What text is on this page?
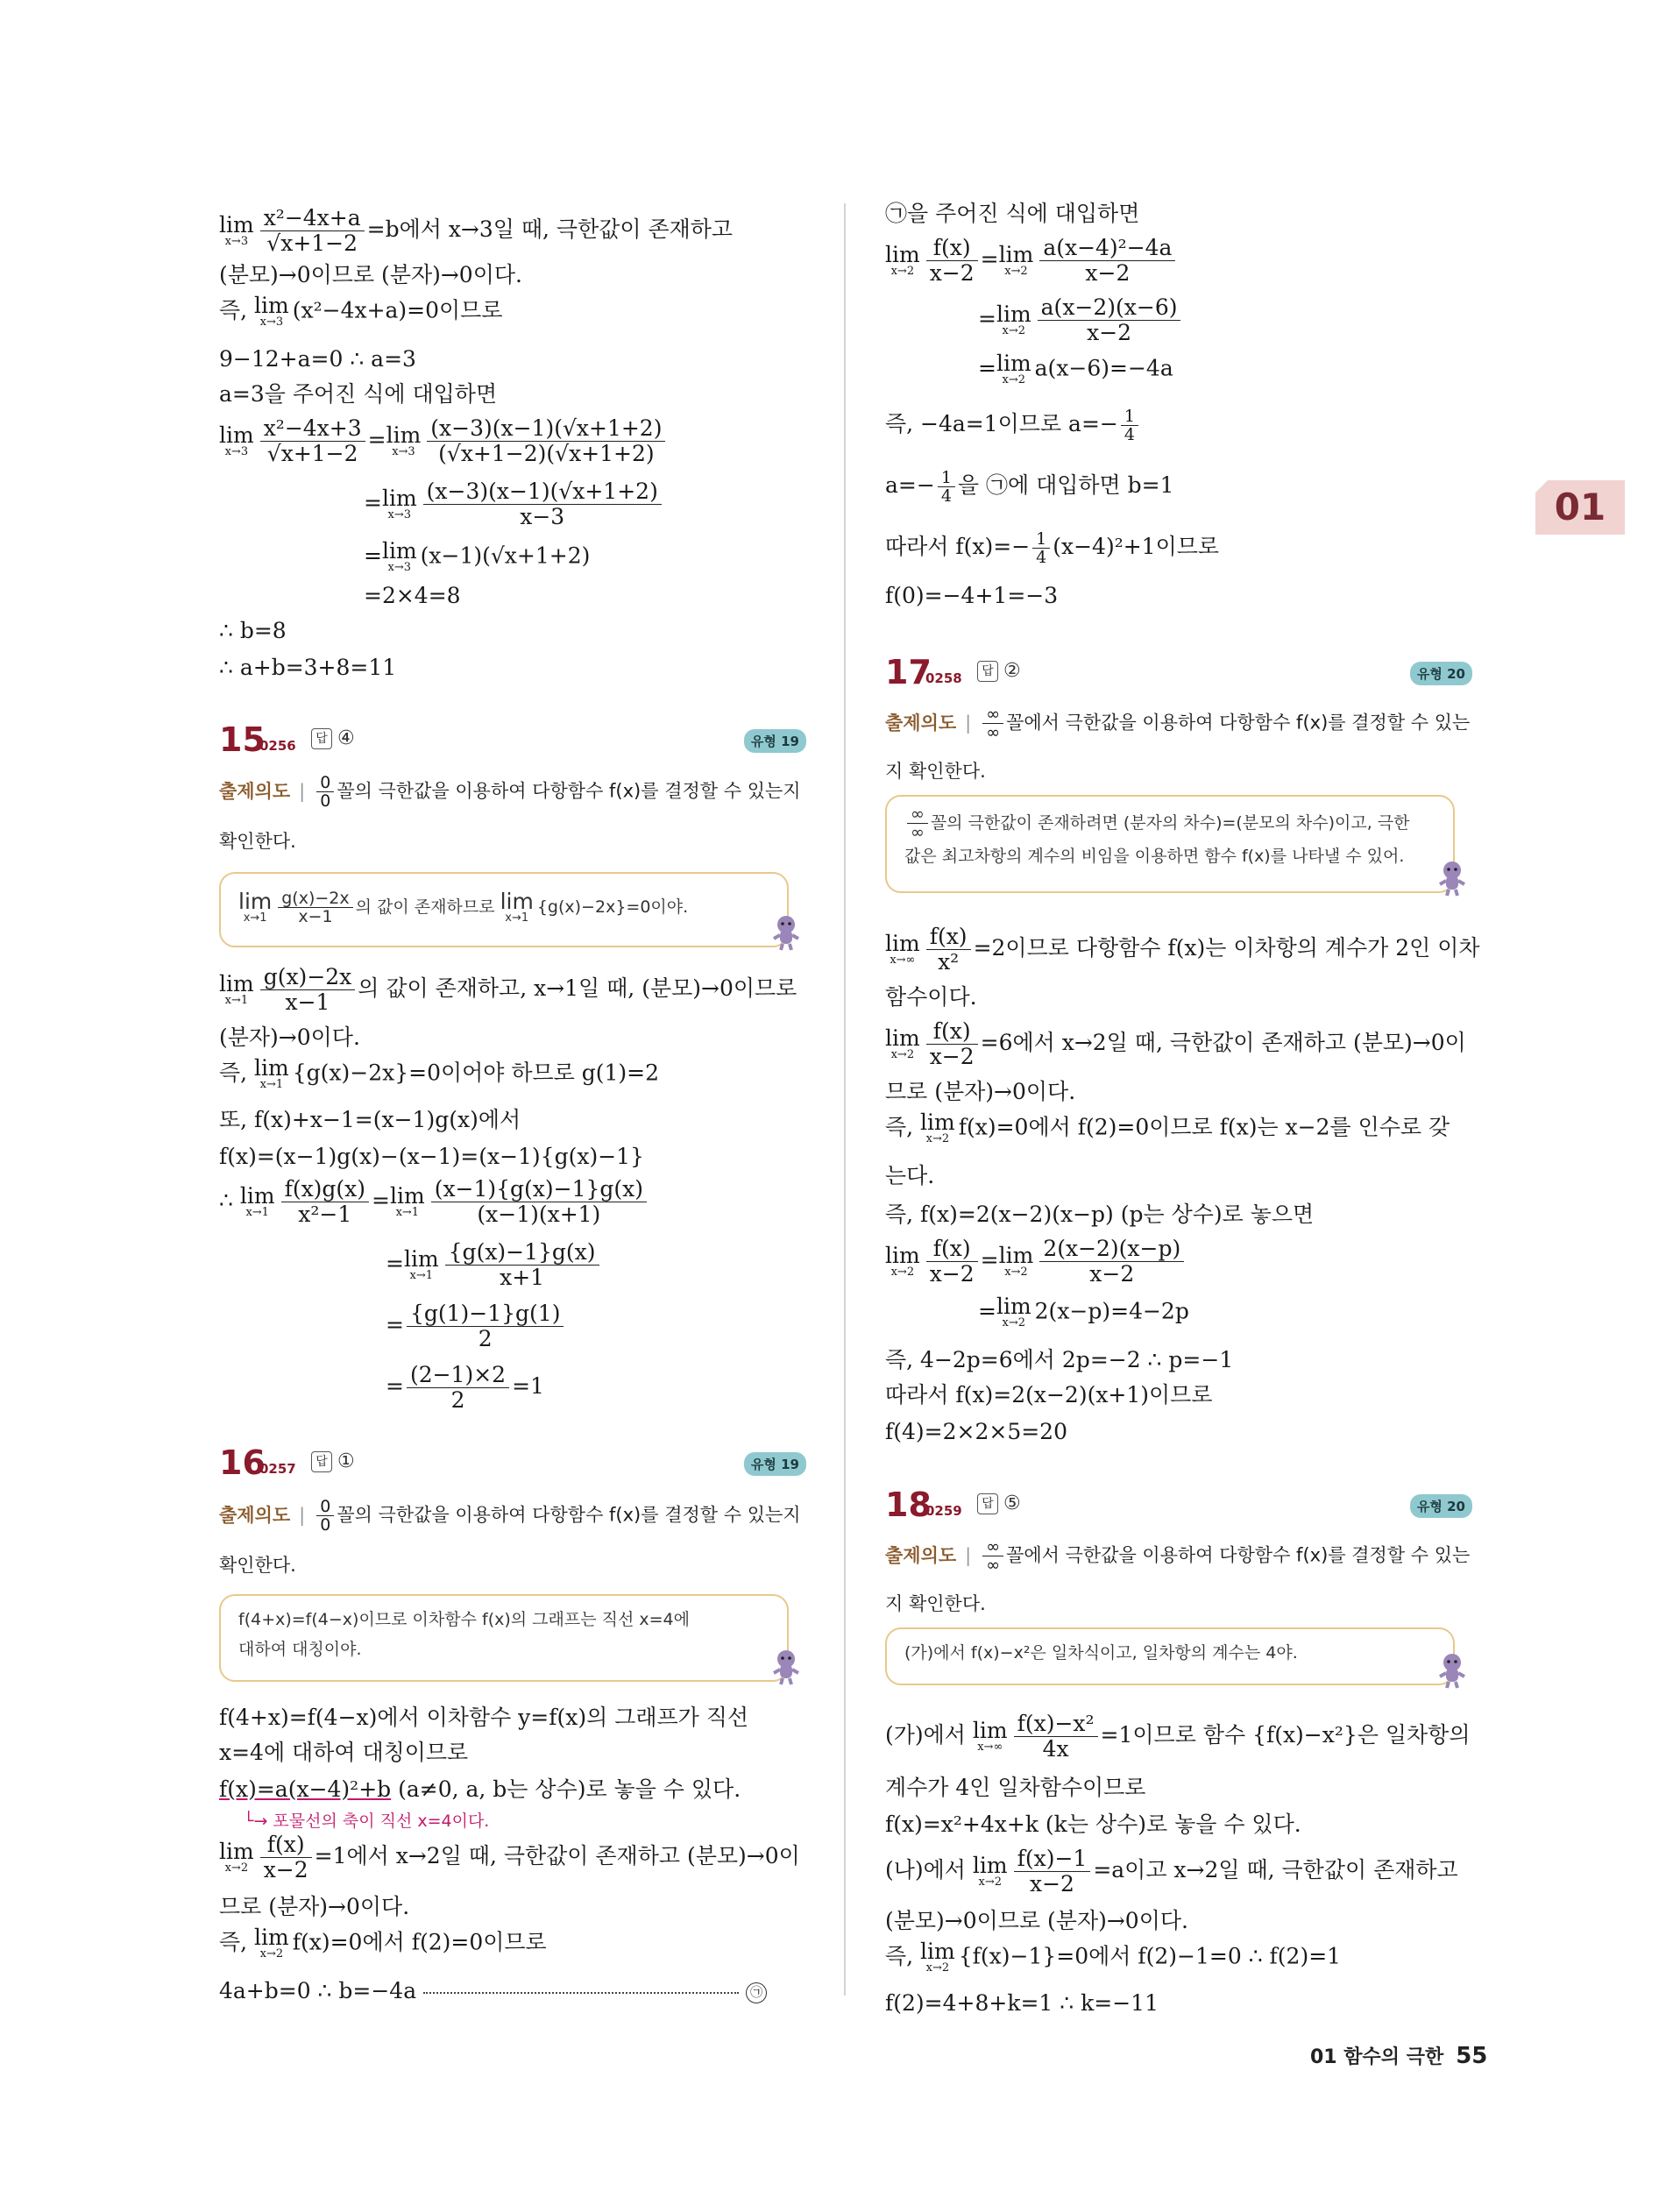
01
lim
$x\to 3 \frac{\text{x²−4x+a}}{√x+1-2} =b$에서 x→3일 때, 극한값이 존재하고
(분모)→0이므로 (분자)→0이다.
즉, lim
x→3 (x²−4x+a)=0이므로
9−12+a=0 ∴ a=3
a=3을 주어진 식에 대입하면
lim
$x\to 3 \frac{\text{x²−4x+3}}{√x+1-2} = \lim$
$x\to 3 \frac{(x-3)(x-1)(√x+1+2)}{(√x+1-2)(√x+1+2)}$
= lim
$x\to 3 \frac{(x-3)(x-1)(√x+1+2)}{x-3}$
= lim
x→3 (x−1)(√x+1+2)
=2×4=8
∴ b=8
∴ a+b=3+8=11
15
0256	답 ④	유형 19
출제의도 | $\frac{0}{0}$ 꼴의 극한값을 이용하여 다항함수 f(x)를 결정할 수 있는지
확인한다.
lim
$x\to 1 \frac{g(x)-2x}{x-1}$ 의 값이 존재하므로 lim
x→1
{g(x)−2x}=0이야.
lim
$x\to 1 \frac{g(x)-2x}{x-1}$ 의 값이 존재하고, x→1일 때, (분모)→0이므로
(분자)→0이다.
즉, lim
x→1 {g(x)−2x}=0이어야 하므로 g(1)=2
또, f(x)+x−1=(x−1)g(x)에서
f(x)=(x−1)g(x)−(x−1)=(x−1){g(x)−1}
∴ lim
$x\to 1 \frac{f(x)g(x)}{\text{x²−1}} = \lim$
$x\to 1 \frac{(x-1)\{g(x)-1\}g(x)}{(x-1)(x+1)}$
= lim
$x\to 1 \frac{\{g(x)-1\}g(x)}{x+1}$
= $\frac{\{g(1)-1\}g(1)}{2}$
= $\frac{(2-1)\times 2}{2} =1$
16
0257	답 ①	유형 19
출제의도 | $\frac{0}{0}$ 꼴의 극한값을 이용하여 다항함수 f(x)를 결정할 수 있는지
확인한다.
f(4+x)=f(4−x)이므로 이차함수 f(x)의 그래프는 직선 x=4에
대하여 대칭이야.
f(4+x)=f(4−x)에서 이차함수 y=f(x)의 그래프가 직선
x=4에 대하여 대칭이므로
f(x)=a(x−4)²+b (a≠0, a, b는 상수)로 놓을 수 있다.
└→ 포물선의 축이 직선 x=4이다.
lim
$x\to 2 \frac{f(x)}{x-2} =1$에서 x→2일 때, 극한값이 존재하고 (분모)→0이
므로 (분자)→0이다.
즉, lim
x→2 f(x)=0에서 f(2)=0이므로
4a+b=0 ∴ b=−4a	㉠
㉠을 주어진 식에 대입하면
lim
$x\to 2 \frac{f(x)}{x-2} = \lim$
$x\to 2 \frac{\text{a(x−4)²−4a}}{x-2}$
= lim
$x\to 2 \frac{a(x-2)(x-6)}{x-2}$
= lim
x→2 a(x−6)=−4a
즉, −4a=1이므로 $a=- \frac{1}{4}$
$a=- \frac{1}{4}$ 을 ㉠에 대입하면 b=1
따라서 $f(x)=- \frac{1}{4} (x-4)^2+1$이므로
f(0)=−4+1=−3
17
0258	답 ②	유형 20
출제의도 | $\frac{\infty}{\infty}$ 꼴에서 극한값을 이용하여 다항함수 f(x)를 결정할 수 있는
지 확인한다.
$\frac{\infty}{\infty}$ 꼴의 극한값이 존재하려면 (분자의 차수)=(분모의 차수)이고, 극한
값은 최고차항의 계수의 비임을 이용하면 함수 f(x)를 나타낼 수 있어.
lim
$x\to\infty \frac{f(x)}{\text{x²}} =2$이므로 다항함수 f(x)는 이차항의 계수가 2인 이차
함수이다.
lim
$x\to 2 \frac{f(x)}{x-2} =6$에서 x→2일 때, 극한값이 존재하고 (분모)→0이
므로 (분자)→0이다.
즉, lim
x→2 f(x)=0에서 f(2)=0이므로 f(x)는 x−2를 인수로 갖
는다.
즉, f(x)=2(x−2)(x−p) (p는 상수)로 놓으면
lim
$x\to 2 \frac{f(x)}{x-2} = \lim$
$x\to 2 \frac{2(x-2)(x-p)}{x-2}$
= lim
x→2 2(x−p)=4−2p
즉, 4−2p=6에서 2p=−2 ∴ p=−1
따라서 f(x)=2(x−2)(x+1)이므로
f(4)=2×2×5=20
18
0259	답 ⑤	유형 20
출제의도 | $\frac{\infty}{\infty}$ 꼴에서 극한값을 이용하여 다항함수 f(x)를 결정할 수 있는
지 확인한다.
(가)에서 f(x)−x²은 일차식이고, 일차항의 계수는 4야.
(가)에서 lim
$x\to\infty \frac{\text{f(x)−x²}}{4x} =1$이므로 함수 {f(x)−x²}은 일차항의
계수가 4인 일차함수이므로
f(x)=x²+4x+k (k는 상수)로 놓을 수 있다.
(나)에서 lim
$x\to 2 \frac{f(x)-1}{x-2} =a$이고 x→2일 때, 극한값이 존재하고
(분모)→0이므로 (분자)→0이다.
즉, lim
x→2 {f(x)−1}=0에서 f(2)−1=0 ∴ f(2)=1
f(2)=4+8+k=1 ∴ k=−11
01 함수의 극한 55
